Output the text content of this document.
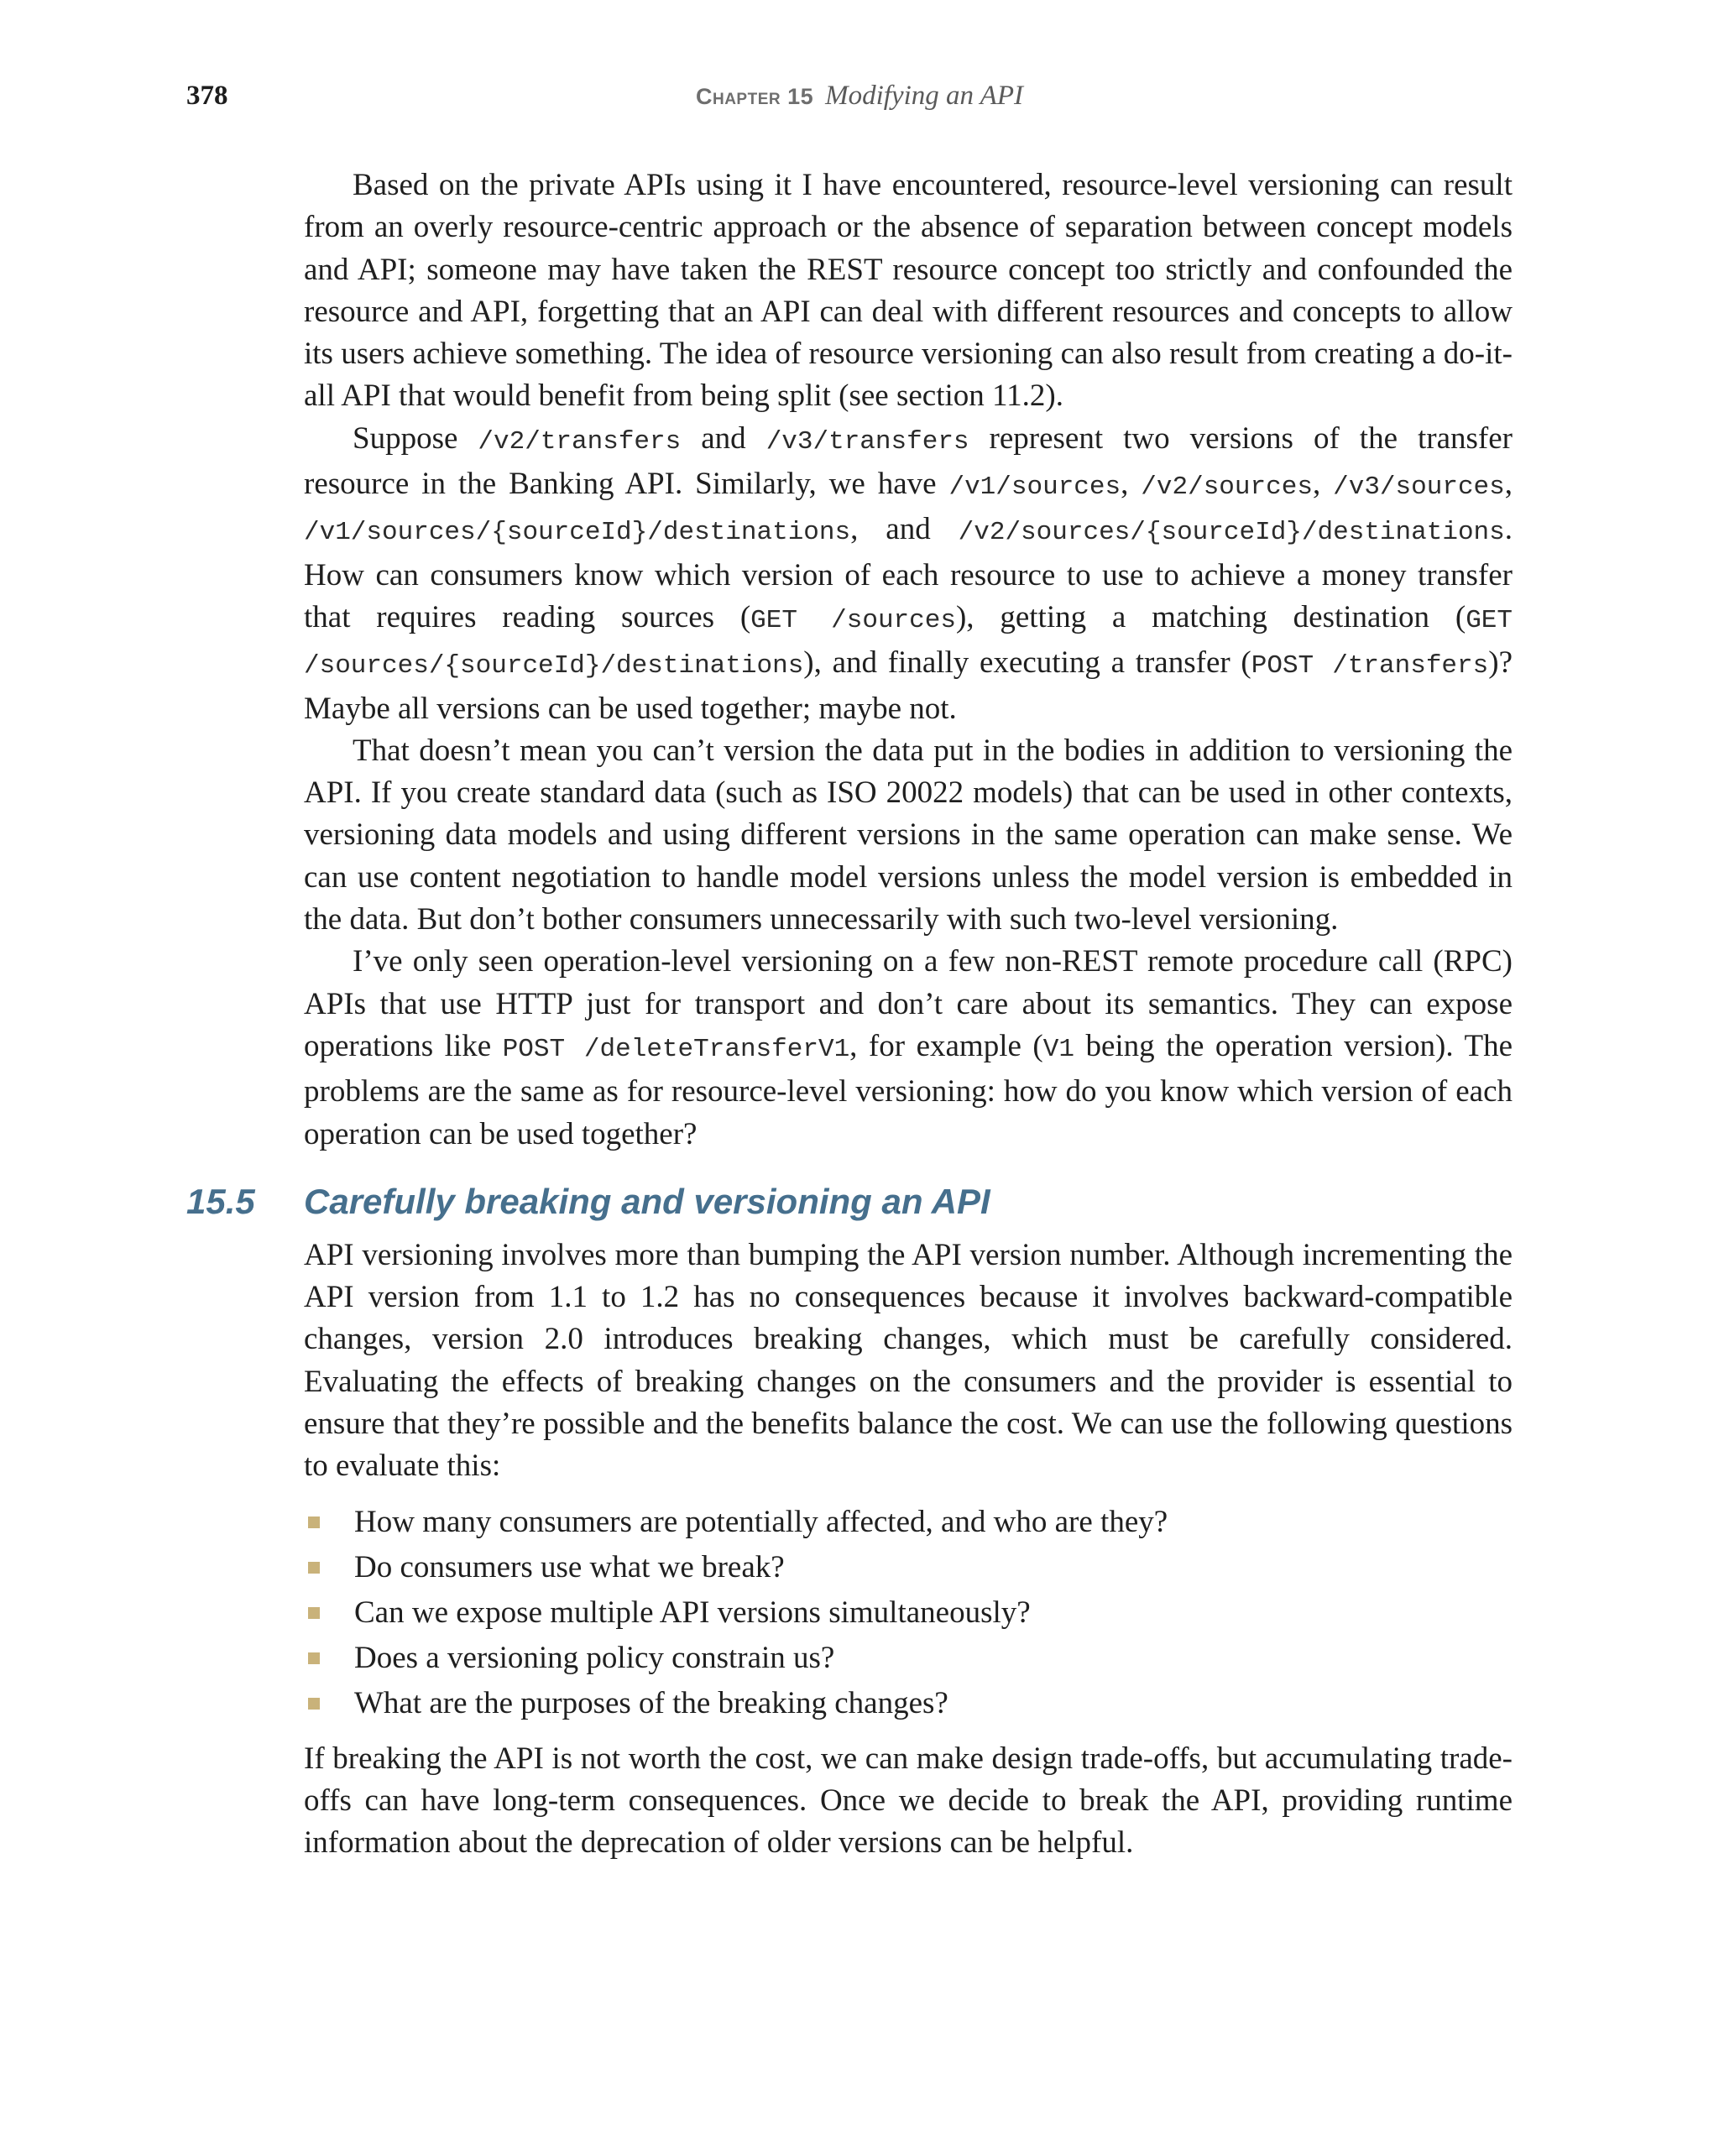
378	Chapter 15 Modifying an API

Based on the private APIs using it I have encountered, resource-level versioning can result from an overly resource-centric approach or the absence of separation between concept models and API; someone may have taken the REST resource concept too strictly and confounded the resource and API, forgetting that an API can deal with different resources and concepts to allow its users achieve something. The idea of resource versioning can also result from creating a do-it-all API that would benefit from being split (see section 11.2).

Suppose /v2/transfers and /v3/transfers represent two versions of the transfer resource in the Banking API. Similarly, we have /v1/sources, /v2/sources, /v3/sources, /v1/sources/{sourceId}/destinations, and /v2/sources/{sourceId}/destinations. How can consumers know which version of each resource to use to achieve a money transfer that requires reading sources (GET /sources), getting a matching destination (GET /sources/{sourceId}/destinations), and finally executing a transfer (POST /transfers)? Maybe all versions can be used together; maybe not.

That doesn’t mean you can’t version the data put in the bodies in addition to versioning the API. If you create standard data (such as ISO 20022 models) that can be used in other contexts, versioning data models and using different versions in the same operation can make sense. We can use content negotiation to handle model versions unless the model version is embedded in the data. But don’t bother consumers unnecessarily with such two-level versioning.

I’ve only seen operation-level versioning on a few non-REST remote procedure call (RPC) APIs that use HTTP just for transport and don’t care about its semantics. They can expose operations like POST /deleteTransferV1, for example (V1 being the operation version). The problems are the same as for resource-level versioning: how do you know which version of each operation can be used together?

15.5 Carefully breaking and versioning an API

API versioning involves more than bumping the API version number. Although incrementing the API version from 1.1 to 1.2 has no consequences because it involves backward-compatible changes, version 2.0 introduces breaking changes, which must be carefully considered. Evaluating the effects of breaking changes on the consumers and the provider is essential to ensure that they’re possible and the benefits balance the cost. We can use the following questions to evaluate this:

How many consumers are potentially affected, and who are they?
Do consumers use what we break?
Can we expose multiple API versions simultaneously?
Does a versioning policy constrain us?
What are the purposes of the breaking changes?

If breaking the API is not worth the cost, we can make design trade-offs, but accumulating trade-offs can have long-term consequences. Once we decide to break the API, providing runtime information about the deprecation of older versions can be helpful.
